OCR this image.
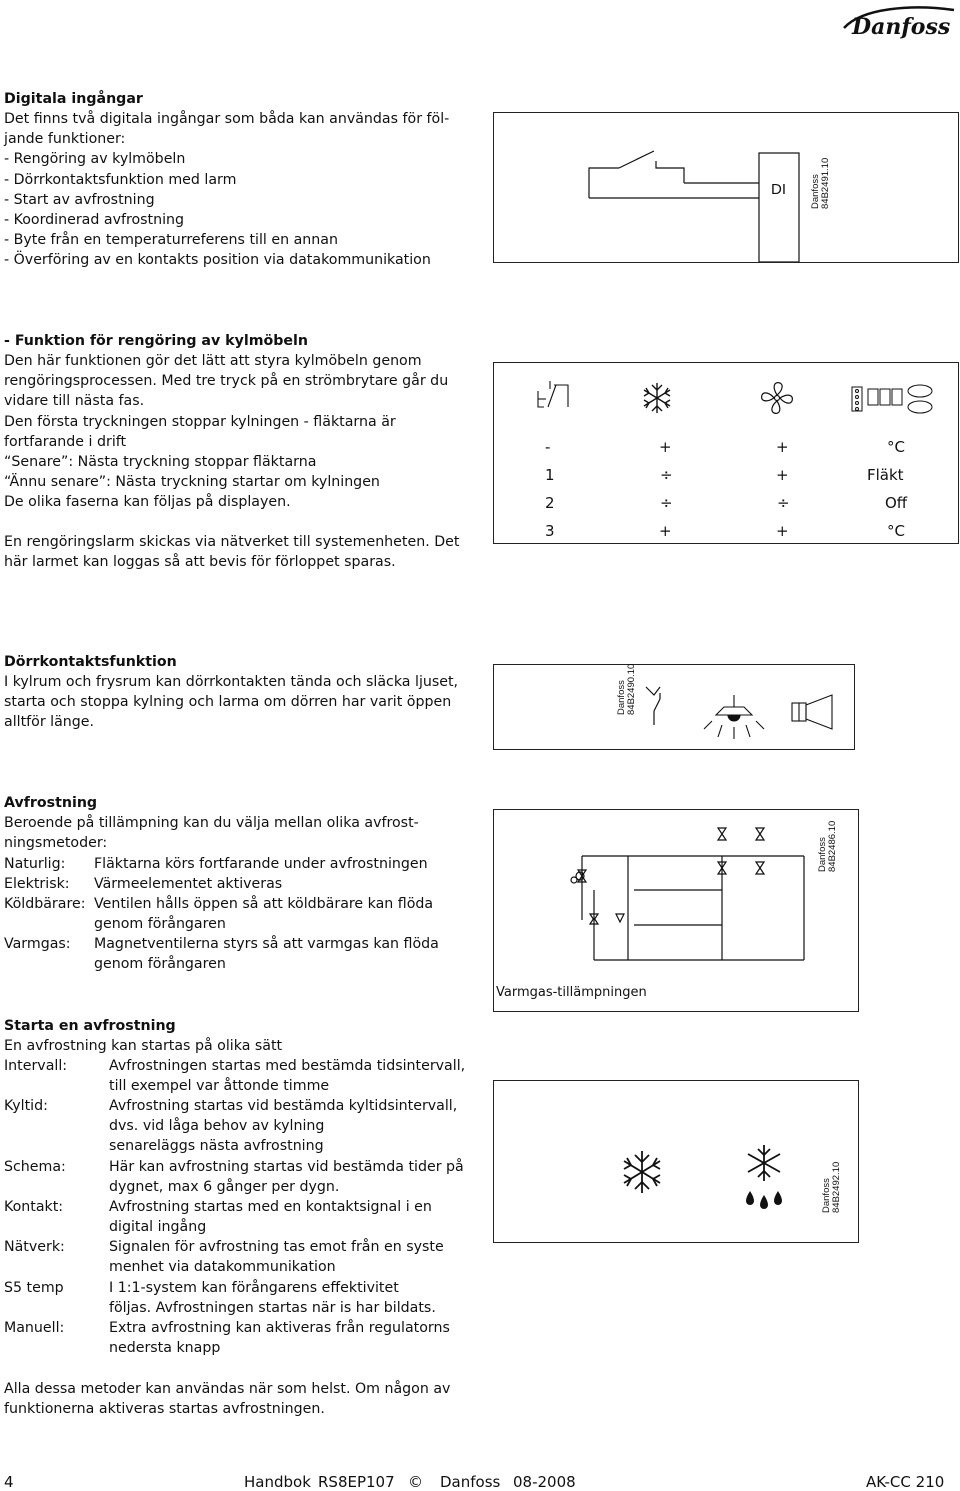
Danfoss
Digitala ingångar
Det finns två digitala ingångar som båda kan användas för föl-
jande funktioner:
- Rengöring av kylmöbeln
- Dörrkontaktsfunktion med larm
- Start av avfrostning
- Koordinerad avfrostning
- Byte från en temperaturreferens till en annan
- Överföring av en kontakts position via datakommunikation
DI	Danfoss
84B2491.10
- Funktion för rengöring av kylmöbeln
Den här funktionen gör det lätt att styra kylmöbeln genom
rengöringsprocessen. Med tre tryck på en strömbrytare går du
vidare till nästa fas.
Den första tryckningen stoppar kylningen - fläktarna är
fortfarande i drift
“Senare”: Nästa tryckning stoppar fläktarna
“Ännu senare”: Nästa tryckning startar om kylningen
De olika faserna kan följas på displayen.
En rengöringslarm skickas via nätverket till systemenheten. Det
här larmet kan loggas så att bevis för förloppet sparas.
-	+	+	°C
1	÷	+	Fläkt
2	÷	÷	Off
3	+	+	°C
Dörrkontaktsfunktion
I kylrum och frysrum kan dörrkontakten tända och släcka ljuset,
starta och stoppa kylning och larma om dörren har varit öppen
alltför länge.
Danfoss
84B2490.10
Avfrostning
Beroende på tillämpning kan du välja mellan olika avfrost-
ningsmetoder:
Naturlig: Fläktarna körs fortfarande under avfrostningen
Elektrisk: Värmeelementet aktiveras
Köldbärare: Ventilen hålls öppen så att köldbärare kan flöda
genom förångaren
Varmgas: Magnetventilerna styrs så att varmgas kan flöda
genom förångaren
Danfoss
84B2486.10
Varmgas-tillämpningen
Starta en avfrostning
En avfrostning kan startas på olika sätt
Intervall:	Avfrostningen startas med bestämda tidsintervall,
till exempel var åttonde timme
Kyltid:	Avfrostning startas vid bestämda kyltidsintervall,
dvs. vid låga behov av kylning
senareläggs nästa avfrostning
Schema:	Här kan avfrostning startas vid bestämda tider på
dygnet, max 6 gånger per dygn.
Kontakt:	Avfrostning startas med en kontaktsignal i en
digital ingång
Nätverk:	Signalen för avfrostning tas emot från en syste
menhet via datakommunikation
S5 temp	I 1:1-system kan förångarens effektivitet
följas. Avfrostningen startas när is har bildats.
Manuell:	Extra avfrostning kan aktiveras från regulatorns
nedersta knapp
Danfoss
84B2492.10
Alla dessa metoder kan användas när som helst. Om någon av
funktionerna aktiveras startas avfrostningen.
4	Handbok RS8EP107 © Danfoss 08-2008	AK-CC 210
